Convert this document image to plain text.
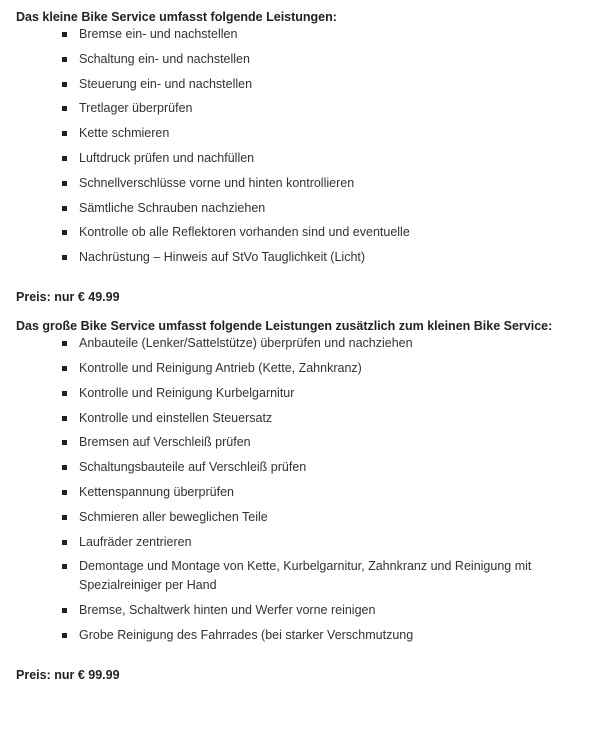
Das kleine Bike Service umfasst folgende Leistungen:

Bremse ein- und nachstellen
Schaltung ein- und nachstellen
Steuerung ein- und nachstellen
Tretlager überprüfen
Kette schmieren
Luftdruck prüfen und nachfüllen
Schnellverschlüsse vorne und hinten kontrollieren
Sämtliche Schrauben nachziehen
Kontrolle ob alle Reflektoren vorhanden sind und eventuelle
Nachrüstung – Hinweis auf StVo Tauglichkeit (Licht)

Preis: nur € 49.99

Das große Bike Service umfasst folgende Leistungen zusätzlich zum kleinen Bike Service:

Anbauteile (Lenker/Sattelstütze) überprüfen und nachziehen
Kontrolle und Reinigung Antrieb (Kette, Zahnkranz)
Kontrolle und Reinigung Kurbelgarnitur
Kontrolle und einstellen Steuersatz
Bremsen auf Verschleiß prüfen
Schaltungsbauteile auf Verschleiß prüfen
Kettenspannung überprüfen
Schmieren aller beweglichen Teile
Laufräder zentrieren
Demontage und Montage von Kette, Kurbelgarnitur, Zahnkranz und Reinigung mit Spezialreiniger per Hand
Bremse, Schaltwerk hinten und Werfer vorne reinigen
Grobe Reinigung des Fahrrades (bei starker Verschmutzung

Preis: nur € 99.99
